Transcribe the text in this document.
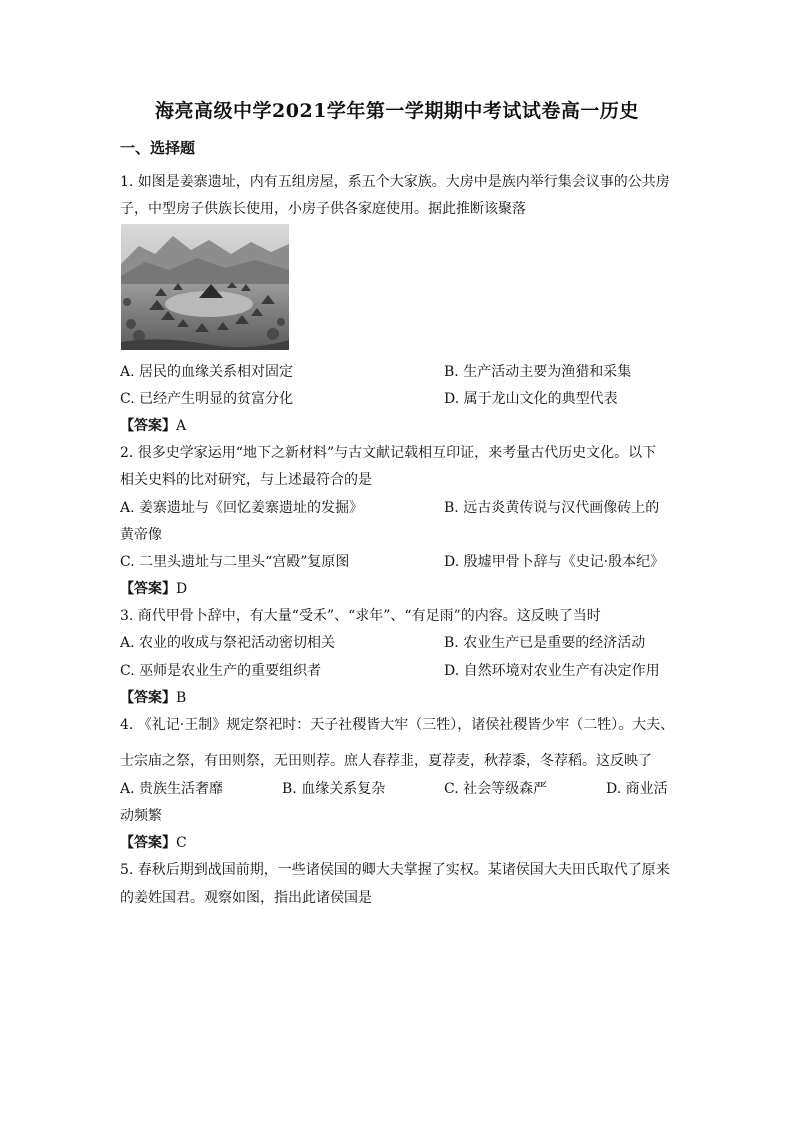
海亮高级中学2021学年第一学期期中考试试卷高一历史
一、选择题
1. 如图是姜寨遗址，内有五组房屋，系五个大家族。大房中是族内举行集会议事的公共房
子，中型房子供族长使用，小房子供各家庭使用。据此推断该聚落
A. 居民的血缘关系相对固定	B. 生产活动主要为渔猎和采集
C. 已经产生明显的贫富分化	D. 属于龙山文化的典型代表
【答案】A
2. 很多史学家运用“地下之新材料”与古文献记载相互印证，来考量古代历史文化。以下
相关史料的比对研究，与上述最符合的是
A. 姜寨遗址与《回忆姜寨遗址的发掘》	B. 远古炎黄传说与汉代画像砖上的
黄帝像
C. 二里头遗址与二里头“宫殿”复原图	D. 殷墟甲骨卜辞与《史记·殷本纪》
【答案】D
3. 商代甲骨卜辞中，有大量“受禾”、“求年”、“有足雨”的内容。这反映了当时
A. 农业的收成与祭祀活动密切相关	B. 农业生产已是重要的经济活动
C. 巫师是农业生产的重要组织者	D. 自然环境对农业生产有决定作用
【答案】B
4. 《礼记·王制》规定祭祀时：天子社稷皆大牢（三牲），诸侯社稷皆少牢（二牲）。大夫、
士宗庙之祭，有田则祭，无田则荐。庶人春荐韭，夏荐麦，秋荐黍，冬荐稻。这反映了
A. 贵族生活奢靡	B. 血缘关系复杂	C. 社会等级森严	D. 商业活
动频繁
【答案】C
5. 春秋后期到战国前期，一些诸侯国的卿大夫掌握了实权。某诸侯国大夫田氏取代了原来
的姜姓国君。观察如图，指出此诸侯国是
